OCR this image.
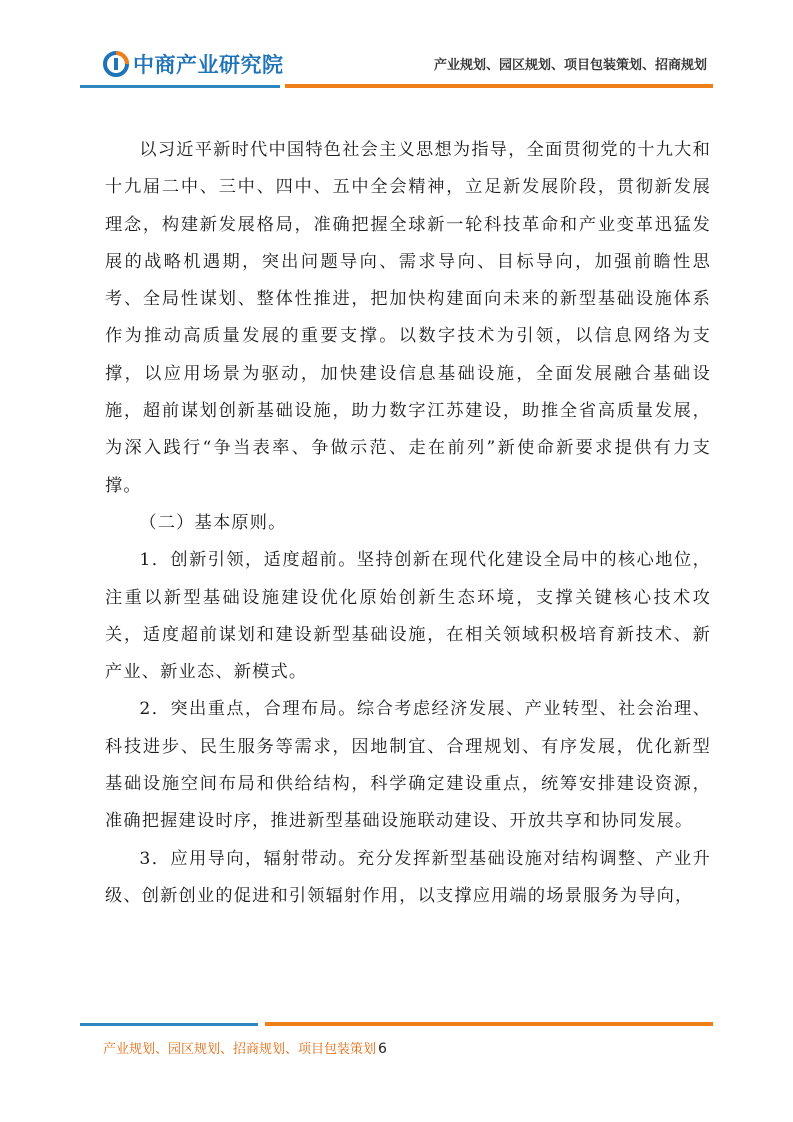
中商产业研究院	产业规划、园区规划、项目包装策划、招商规划

以习近平新时代中国特色社会主义思想为指导，全面贯彻党的十九大和十九届二中、三中、四中、五中全会精神，立足新发展阶段，贯彻新发展理念，构建新发展格局，准确把握全球新一轮科技革命和产业变革迅猛发展的战略机遇期，突出问题导向、需求导向、目标导向，加强前瞻性思考、全局性谋划、整体性推进，把加快构建面向未来的新型基础设施体系作为推动高质量发展的重要支撑。以数字技术为引领，以信息网络为支撑，以应用场景为驱动，加快建设信息基础设施，全面发展融合基础设施，超前谋划创新基础设施，助力数字江苏建设，助推全省高质量发展，为深入践行“争当表率、争做示范、走在前列”新使命新要求提供有力支撑。

（二）基本原则。

1．创新引领，适度超前。坚持创新在现代化建设全局中的核心地位，注重以新型基础设施建设优化原始创新生态环境，支撑关键核心技术攻关，适度超前谋划和建设新型基础设施，在相关领域积极培育新技术、新产业、新业态、新模式。

2．突出重点，合理布局。综合考虑经济发展、产业转型、社会治理、科技进步、民生服务等需求，因地制宜、合理规划、有序发展，优化新型基础设施空间布局和供给结构，科学确定建设重点，统筹安排建设资源，准确把握建设时序，推进新型基础设施联动建设、开放共享和协同发展。

3．应用导向，辐射带动。充分发挥新型基础设施对结构调整、产业升级、创新创业的促进和引领辐射作用，以支撑应用端的场景服务为导向，

产业规划、园区规划、招商规划、项目包装策划 6
